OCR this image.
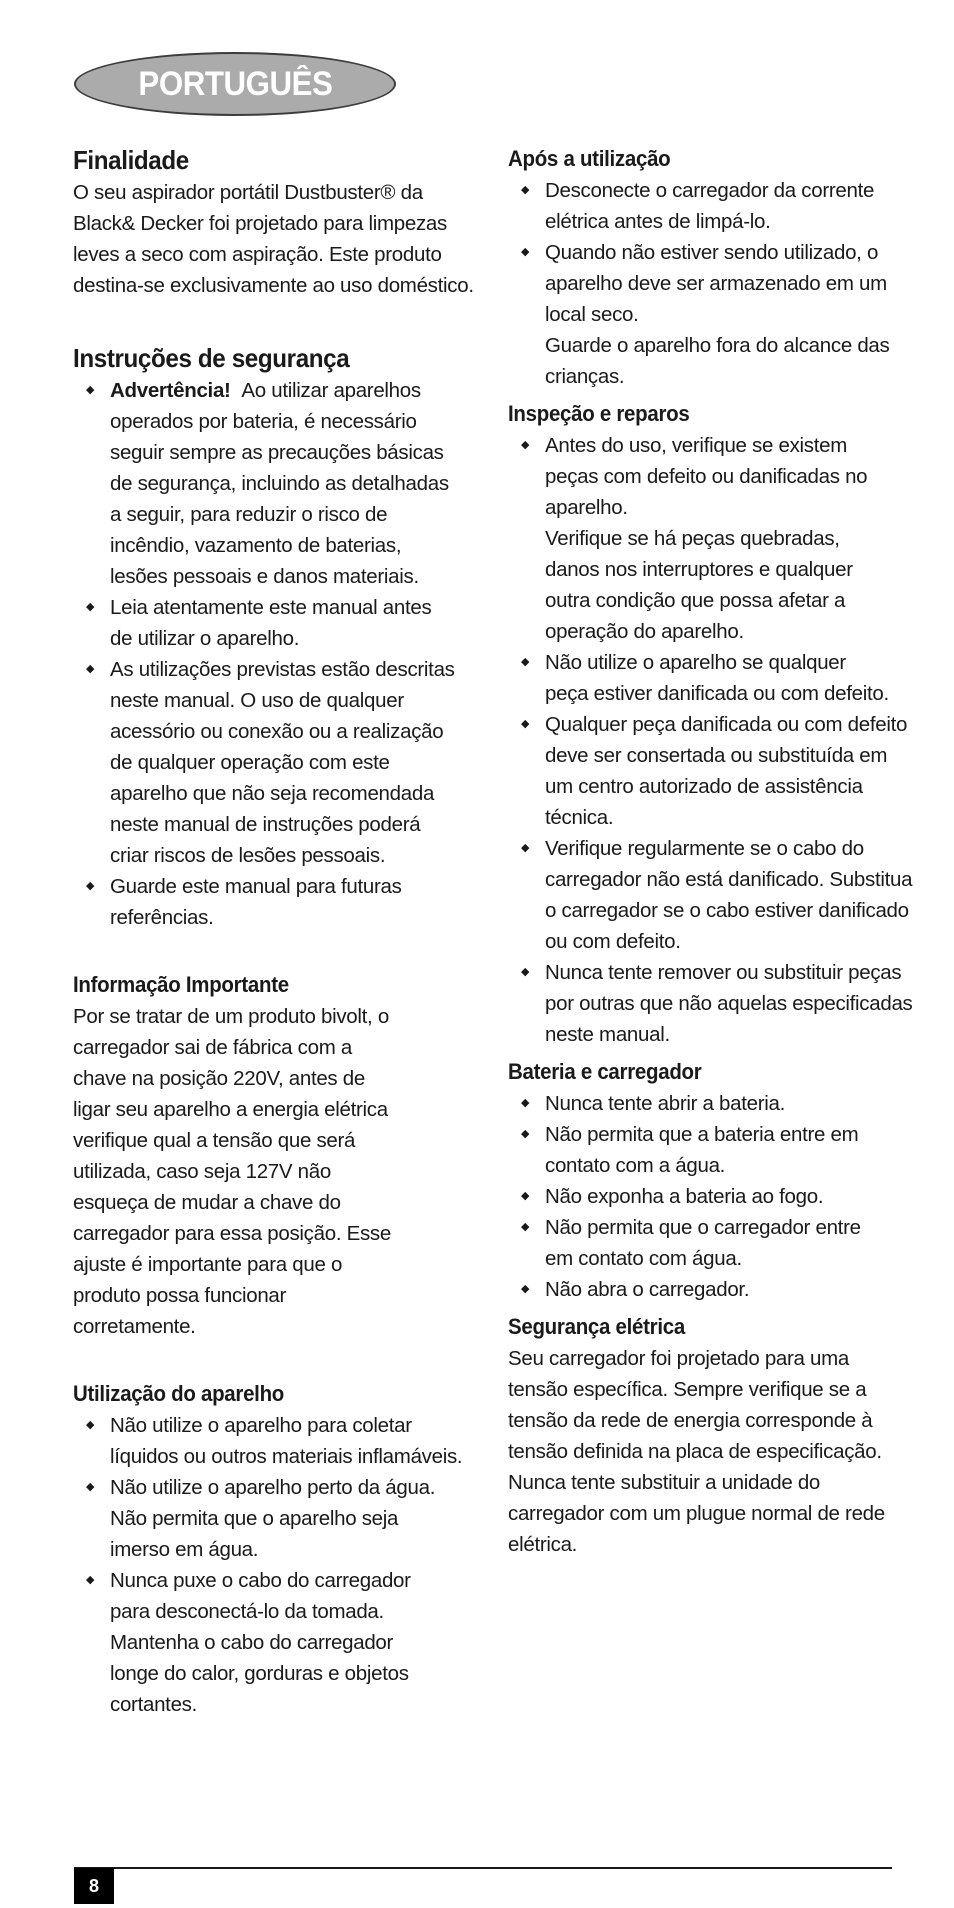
PORTUGUÊS
Finalidade

O seu aspirador portátil Dustbuster® da
Black& Decker foi projetado para limpezas
leves a seco com aspiração. Este produto
destina-se exclusivamente ao uso doméstico.

Instruções de segurança
◆ Advertência! Ao utilizar aparelhos
operados por bateria, é necessário
seguir sempre as precauções básicas
de segurança, incluindo as detalhadas
a seguir, para reduzir o risco de
incêndio, vazamento de baterias,
lesões pessoais e danos materiais.
◆ Leia atentamente este manual antes
de utilizar o aparelho.
◆ As utilizações previstas estão descritas
neste manual. O uso de qualquer
acessório ou conexão ou a realização
de qualquer operação com este
aparelho que não seja recomendada
neste manual de instruções poderá
criar riscos de lesões pessoais.
◆ Guarde este manual para futuras
referências.
Informação Importante

Por se tratar de um produto bivolt, o
carregador sai de fábrica com a
chave na posição 220V, antes de
ligar seu aparelho a energia elétrica
verifique qual a tensão que será
utilizada, caso seja 127V não
esqueça de mudar a chave do
carregador para essa posição. Esse
ajuste é importante para que o
produto possa funcionar
corretamente.

Utilização do aparelho
◆ Não utilize o aparelho para coletar
líquidos ou outros materiais inflamáveis.
◆ Não utilize o aparelho perto da água.
Não permita que o aparelho seja
imerso em água.
◆ Nunca puxe o cabo do carregador
para desconectá-lo da tomada.
Mantenha o cabo do carregador
longe do calor, gorduras e objetos
cortantes.
Após a utilização
◆ Desconecte o carregador da corrente
elétrica antes de limpá-lo.
◆ Quando não estiver sendo utilizado, o
aparelho deve ser armazenado em um
local seco.
Guarde o aparelho fora do alcance das
crianças.
Inspeção e reparos
◆ Antes do uso, verifique se existem
peças com defeito ou danificadas no
aparelho.

Verifique se há peças quebradas,
danos nos interruptores e qualquer
outra condição que possa afetar a
operação do aparelho.

◆ Não utilize o aparelho se qualquer
peça estiver danificada ou com defeito.
◆ Qualquer peça danificada ou com defeito
deve ser consertada ou substituída em
um centro autorizado de assistência
técnica.
◆ Verifique regularmente se o cabo do
carregador não está danificado. Substitua
o carregador se o cabo estiver danificado
ou com defeito.
◆ Nunca tente remover ou substituir peças
por outras que não aquelas especificadas
neste manual.
Bateria e carregador
◆ Nunca tente abrir a bateria.
◆ Não permita que a bateria entre em
contato com a água.
◆ Não exponha a bateria ao fogo.
◆ Não permita que o carregador entre
em contato com água.
◆ Não abra o carregador.
Segurança elétrica

Seu carregador foi projetado para uma
tensão específica. Sempre verifique se a
tensão da rede de energia corresponde à
tensão definida na placa de especificação.
Nunca tente substituir a unidade do
carregador com um plugue normal de rede
elétrica.

8
